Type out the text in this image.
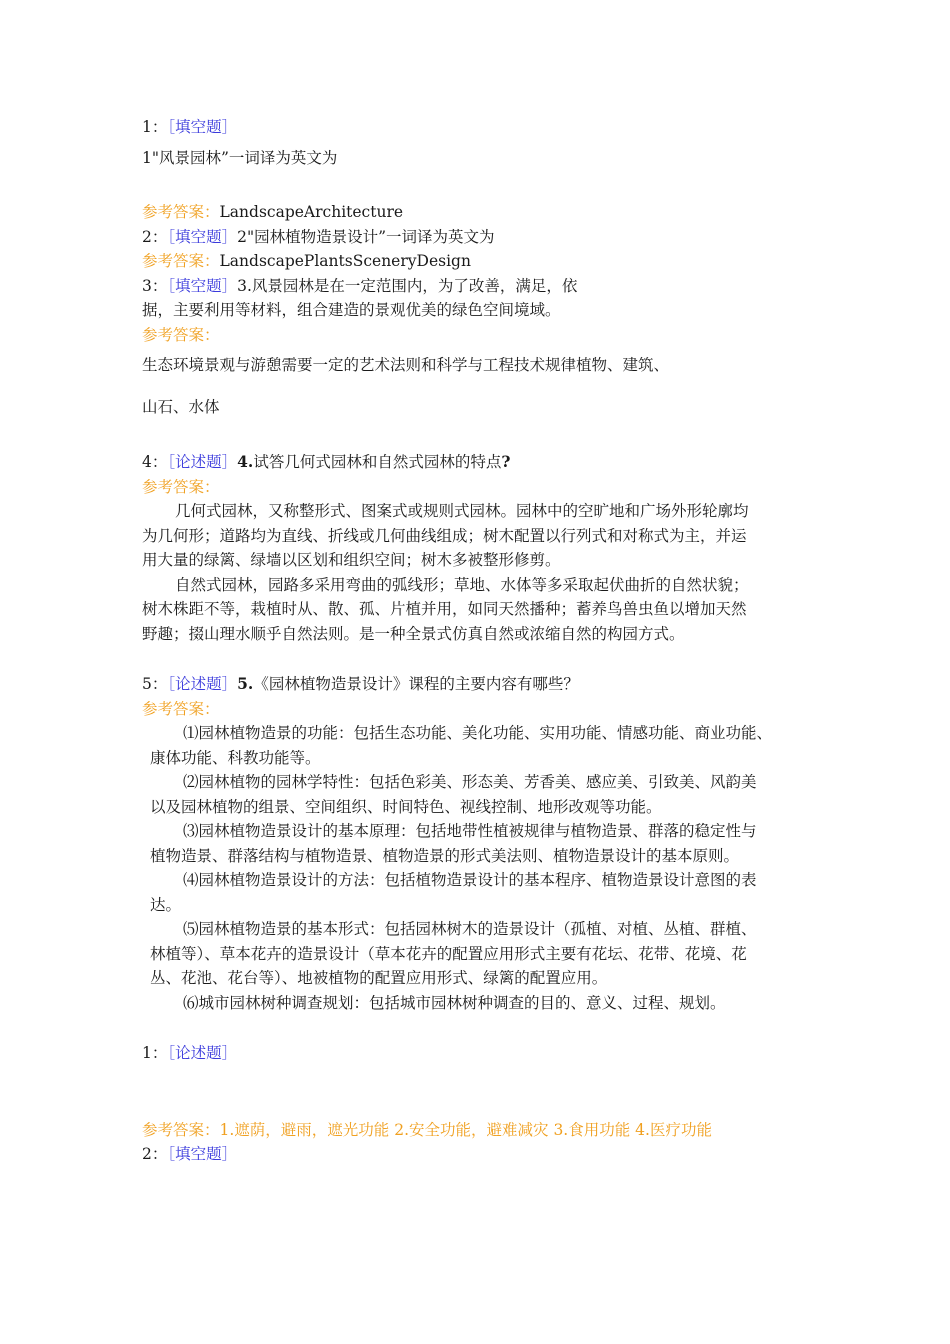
1：［填空题］
1"风景园林”一词译为英文为
参考答案：LandscapeArchitecture
2：［填空题］2"园林植物造景设计”一词译为英文为
参考答案：LandscapePlantsSceneryDesign
3：［填空题］3.风景园林是在一定范围内，为了改善，满足，依
据，主要利用等材料，组合建造的景观优美的绿色空间境域。
参考答案：
生态环境景观与游憩需要一定的艺术法则和科学与工程技术规律植物、建筑、
山石、水体
4：［论述题］4.试答几何式园林和自然式园林的特点?
参考答案：
几何式园林，又称整形式、图案式或规则式园林。园林中的空旷地和广场外形轮廓均
为几何形；道路均为直线、折线或几何曲线组成；树木配置以行列式和对称式为主，并运
用大量的绿篱、绿墙以区划和组织空间；树木多被整形修剪。
自然式园林，园路多采用弯曲的弧线形；草地、水体等多采取起伏曲折的自然状貌；
树木株距不等，栽植时从、散、孤、片植并用，如同天然播种；蓄养鸟兽虫鱼以增加天然
野趣；掇山理水顺乎自然法则。是一种全景式仿真自然或浓缩自然的构园方式。
5：［论述题］5.《园林植物造景设计》课程的主要内容有哪些？
参考答案：
⑴园林植物造景的功能：包括生态功能、美化功能、实用功能、情感功能、商业功能、
康体功能、科教功能等。
⑵园林植物的园林学特性：包括色彩美、形态美、芳香美、感应美、引致美、风韵美
以及园林植物的组景、空间组织、时间特色、视线控制、地形改观等功能。
⑶园林植物造景设计的基本原理：包括地带性植被规律与植物造景、群落的稳定性与
植物造景、群落结构与植物造景、植物造景的形式美法则、植物造景设计的基本原则。
⑷园林植物造景设计的方法：包括植物造景设计的基本程序、植物造景设计意图的表
达。
⑸园林植物造景的基本形式：包括园林树木的造景设计（孤植、对植、丛植、群植、
林植等）、草本花卉的造景设计（草本花卉的配置应用形式主要有花坛、花带、花境、花
丛、花池、花台等）、地被植物的配置应用形式、绿篱的配置应用。
⑹城市园林树种调查规划：包括城市园林树种调查的目的、意义、过程、规划。
1：［论述题］
参考答案：1.遮荫，避雨，遮光功能 2.安全功能，避难减灾 3.食用功能 4.医疗功能
2：［填空题］
